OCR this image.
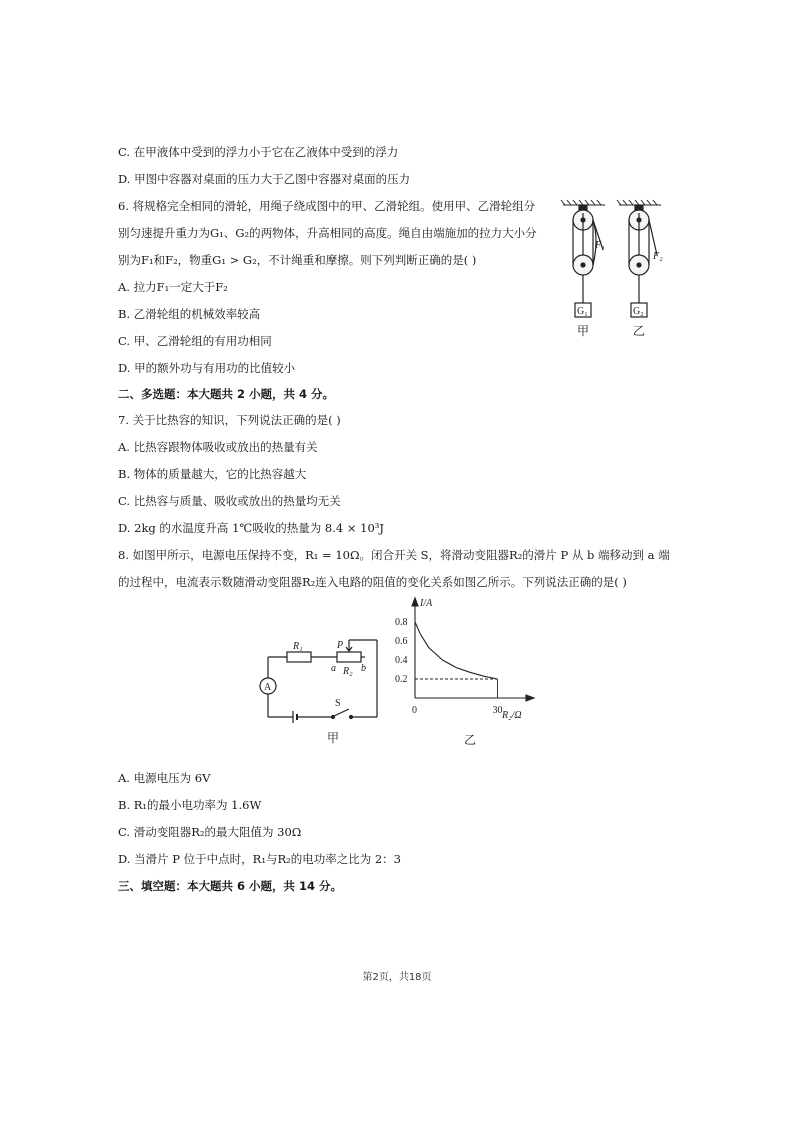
C. 在甲液体中受到的浮力小于它在乙液体中受到的浮力
D. 甲图中容器对桌面的压力大于乙图中容器对桌面的压力
6. 将规格完全相同的滑轮，用绳子绕成图中的甲、乙滑轮组。使用甲、乙滑轮组分
别匀速提升重力为G₁、G₂的两物体，升高相同的高度。绳自由端施加的拉力大小分
别为F₁和F₂，物重G₁ > G₂，不计绳重和摩擦。则下列判断正确的是( )
A. 拉力F₁一定大于F₂
B. 乙滑轮组的机械效率较高
C. 甲、乙滑轮组的有用功相同
D. 甲的额外功与有用功的比值较小
二、多选题：本大题共 2 小题，共 4 分。
7. 关于比热容的知识，下列说法正确的是( )
A. 比热容跟物体吸收或放出的热量有关
B. 物体的质量越大，它的比热容越大
C. 比热容与质量、吸收或放出的热量均无关
D. 2kg 的水温度升高 1℃吸收的热量为 8.4 × 10³J
8. 如图甲所示，电源电压保持不变，R₁ = 10Ω。闭合开关 S，将滑动变阻器R₂的滑片 P 从 b 端移动到 a 端
的过程中，电流表示数随滑动变阻器R₂连入电路的阻值的变化关系如图乙所示。下列说法正确的是( )
A. 电源电压为 6V
B. R₁的最小电功率为 1.6W
C. 滑动变阻器R₂的最大阻值为 30Ω
D. 当滑片 P 位于中点时，R₁与R₂的电功率之比为 2：3
三、填空题：本大题共 6 小题，共 14 分。
F₁
G₁
甲
F₂
G₂
乙
R₁	P
R₂
a	b
A
S
甲
I/A
R₂/Ω
0.2
0.4
0.6
0.8
0	30
乙
第2页，共18页
